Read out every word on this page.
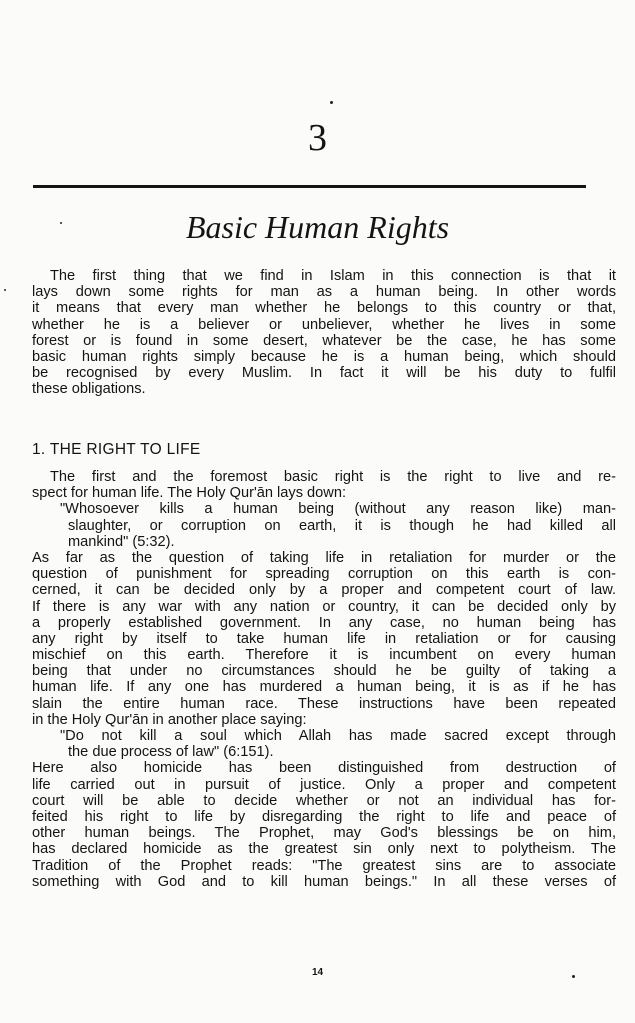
3
Basic Human Rights
The first thing that we find in Islam in this connection is that it
lays down some rights for man as a human being. In other words
it means that every man whether he belongs to this country or that,
whether he is a believer or unbeliever, whether he lives in some
forest or is found in some desert, whatever be the case, he has some
basic human rights simply because he is a human being, which should
be recognised by every Muslim. In fact it will be his duty to fulfil
these obligations.
1. THE RIGHT TO LIFE
The first and the foremost basic right is the right to live and re-
spect for human life. The Holy Qur'ān lays down:
"Whosoever kills a human being (without any reason like) man-
slaughter, or corruption on earth, it is though he had killed all
mankind" (5:32).
As far as the question of taking life in retaliation for murder or the
question of punishment for spreading corruption on this earth is con-
cerned, it can be decided only by a proper and competent court of law.
If there is any war with any nation or country, it can be decided only by
a properly established government. In any case, no human being has
any right by itself to take human life in retaliation or for causing
mischief on this earth. Therefore it is incumbent on every human
being that under no circumstances should he be guilty of taking a
human life. If any one has murdered a human being, it is as if he has
slain the entire human race. These instructions have been repeated
in the Holy Qur'ān in another place saying:
"Do not kill a soul which Allah has made sacred except through
the due process of law" (6:151).
Here also homicide has been distinguished from destruction of
life carried out in pursuit of justice. Only a proper and competent
court will be able to decide whether or not an individual has for-
feited his right to life by disregarding the right to life and peace of
other human beings. The Prophet, may God's blessings be on him,
has declared homicide as the greatest sin only next to polytheism. The
Tradition of the Prophet reads: "The greatest sins are to associate
something with God and to kill human beings." In all these verses of
14
